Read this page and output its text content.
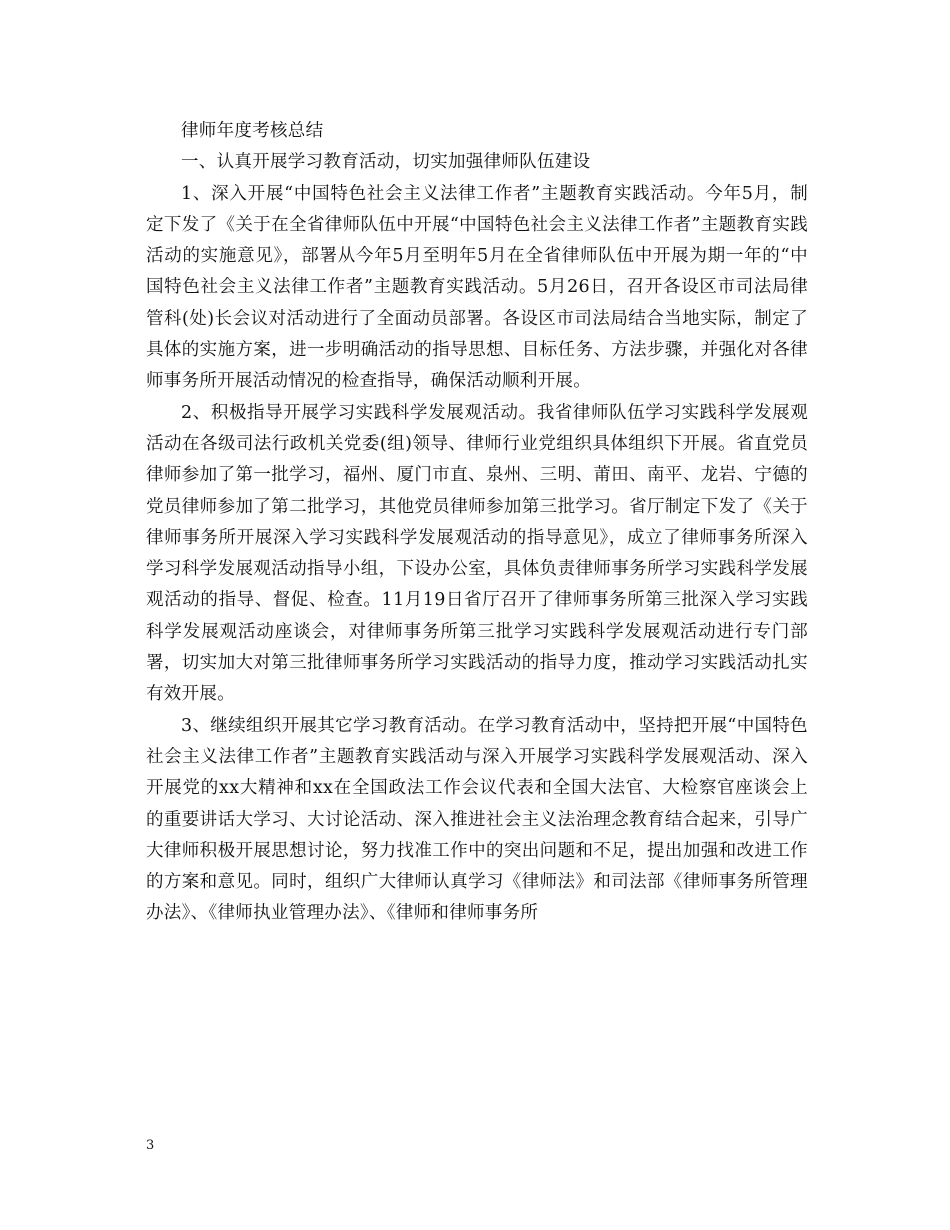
律师年度考核总结

一、认真开展学习教育活动，切实加强律师队伍建设

1、深入开展“中国特色社会主义法律工作者”主题教育实践活动。今年5月，制定下发了《关于在全省律师队伍中开展“中国特色社会主义法律工作者”主题教育实践活动的实施意见》，部署从今年5月至明年5月在全省律师队伍中开展为期一年的“中国特色社会主义法律工作者”主题教育实践活动。5月26日，召开各设区市司法局律管科(处)长会议对活动进行了全面动员部署。各设区市司法局结合当地实际，制定了具体的实施方案，进一步明确活动的指导思想、目标任务、方法步骤，并强化对各律师事务所开展活动情况的检查指导，确保活动顺利开展。

2、积极指导开展学习实践科学发展观活动。我省律师队伍学习实践科学发展观活动在各级司法行政机关党委(组)领导、律师行业党组织具体组织下开展。省直党员律师参加了第一批学习，福州、厦门市直、泉州、三明、莆田、南平、龙岩、宁德的党员律师参加了第二批学习，其他党员律师参加第三批学习。省厅制定下发了《关于律师事务所开展深入学习实践科学发展观活动的指导意见》，成立了律师事务所深入学习科学发展观活动指导小组，下设办公室，具体负责律师事务所学习实践科学发展观活动的指导、督促、检查。11月19日省厅召开了律师事务所第三批深入学习实践科学发展观活动座谈会，对律师事务所第三批学习实践科学发展观活动进行专门部署，切实加大对第三批律师事务所学习实践活动的指导力度，推动学习实践活动扎实有效开展。

3、继续组织开展其它学习教育活动。在学习教育活动中，坚持把开展“中国特色社会主义法律工作者”主题教育实践活动与深入开展学习实践科学发展观活动、深入开展党的xx大精神和xx在全国政法工作会议代表和全国大法官、大检察官座谈会上的重要讲话大学习、大讨论活动、深入推进社会主义法治理念教育结合起来，引导广大律师积极开展思想讨论，努力找准工作中的突出问题和不足，提出加强和改进工作的方案和意见。同时，组织广大律师认真学习《律师法》和司法部《律师事务所管理办法》、《律师执业管理办法》、《律师和律师事务所

3
